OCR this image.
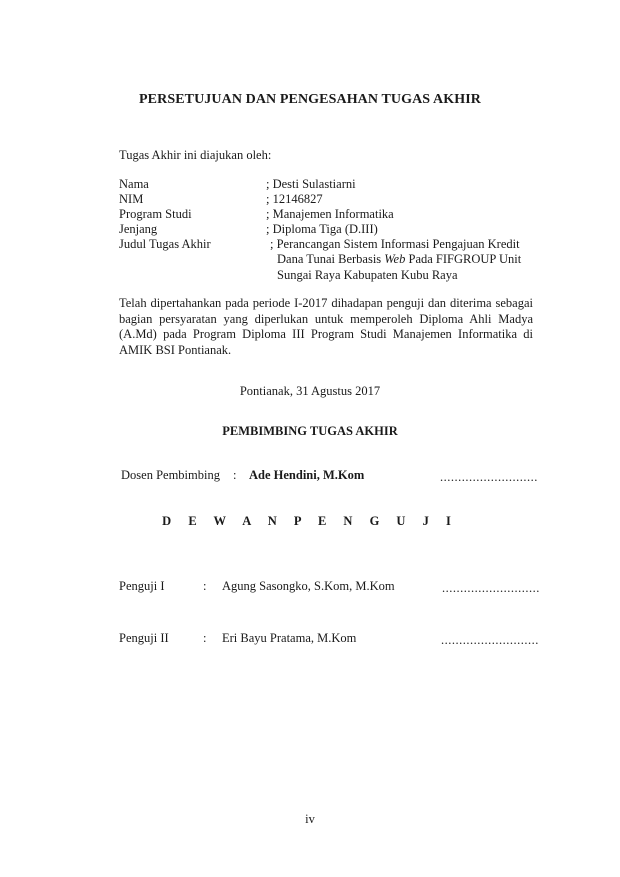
PERSETUJUAN DAN PENGESAHAN TUGAS AKHIR
Tugas Akhir ini diajukan oleh:
Nama	; Desti Sulastiarni
NIM	; 12146827
Program Studi	; Manajemen Informatika
Jenjang	; Diploma Tiga (D.III)
Judul Tugas Akhir	; Perancangan Sistem Informasi Pengajuan Kredit
Dana Tunai Berbasis Web Pada FIFGROUP Unit
Sungai Raya Kabupaten Kubu Raya
Telah dipertahankan pada periode I-2017 dihadapan penguji dan diterima sebagai bagian persyaratan yang diperlukan untuk memperoleh Diploma Ahli Madya (A.Md) pada Program Diploma III Program Studi Manajemen Informatika di AMIK BSI Pontianak.
Pontianak, 31 Agustus 2017
PEMBIMBING TUGAS AKHIR
Dosen Pembimbing : Ade Hendini, M.Kom	...........................
D E W A N P E N G U J I
Penguji I	: Agung Sasongko, S.Kom, M.Kom	...........................
Penguji II	: Eri Bayu Pratama, M.Kom	...........................
iv
